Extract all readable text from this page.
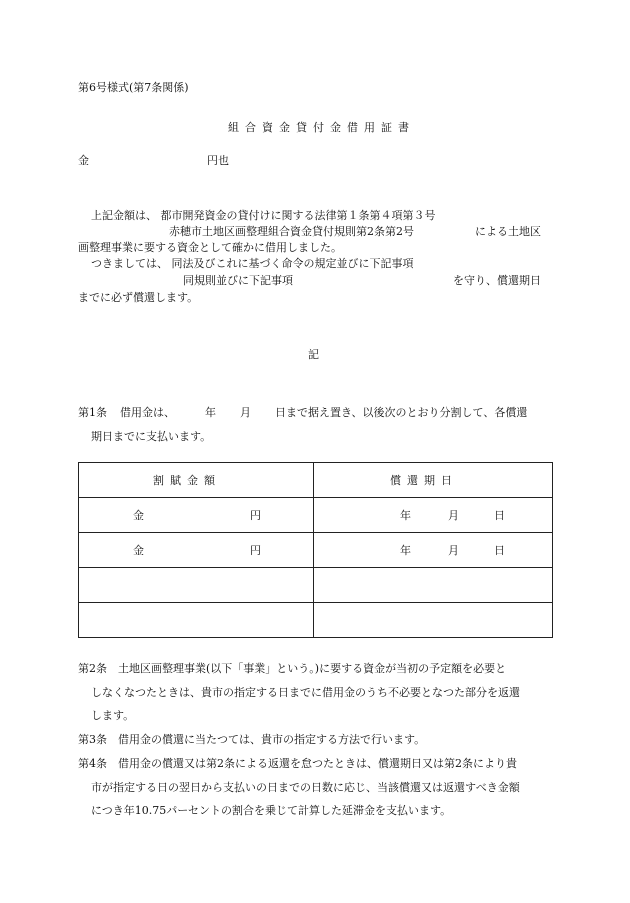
第6号様式(第7条関係)
組合資金貸付金借用証書
金	円也
上記金額は、 都市開発資金の貸付けに関する法律第１条第４項第３号
赤穂市土地区画整理組合資金貸付規則第2条第2号	による土地区
画整理事業に要する資金として確かに借用しました。
つきましては、 同法及びこれに基づく命令の規定並びに下記事項
同規則並びに下記事項	を守り、償還期日
までに必ず償還します。
記
第1条 借用金は、	年 月 日まで据え置き、以後次のとおり分割して、各償還
期日までに支払います。
割賦金額	償還期日

金 円	年 月 日

金 円	年 月 日

第2条　土地区画整理事業(以下「事業」という。)に要する資金が当初の予定額を必要と
しなくなつたときは、貴市の指定する日までに借用金のうち不必要となつた部分を返還
します。
第3条　借用金の償還に当たつては、貴市の指定する方法で行います。
第4条　借用金の償還又は第2条による返還を怠つたときは、償還期日又は第2条により貴
市が指定する日の翌日から支払いの日までの日数に応じ、当該償還又は返還すべき金額
につき年10.75パーセントの割合を乗じて計算した延滞金を支払います。
